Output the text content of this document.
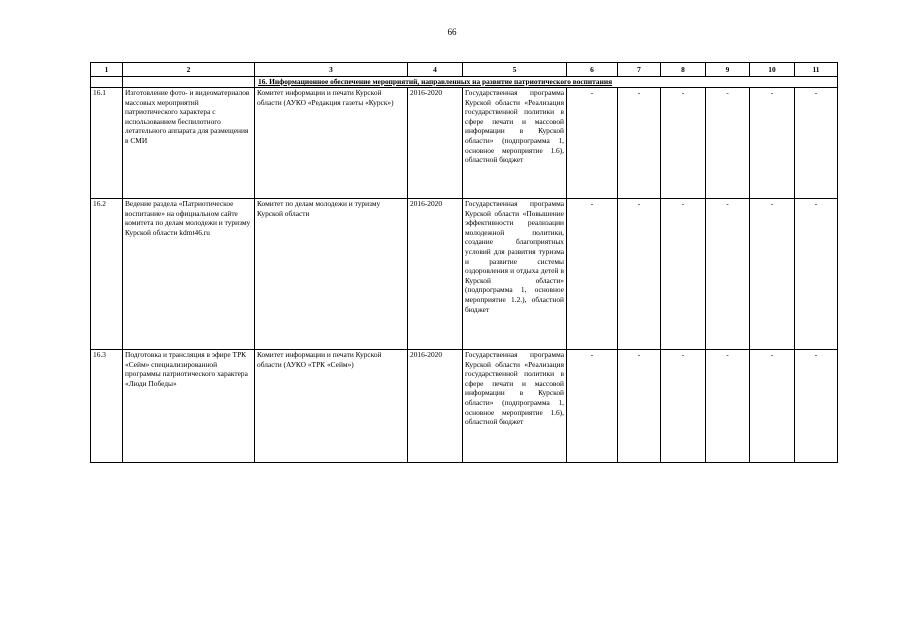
66
1	2	3	4	5	6	7	8	9	10	11
		16. Информационное обеспечение мероприятий, направленных на развитие патриотического воспитания								
16.1	Изготовление фото- и видеоматериалов массовых мероприятий патриотического характера с использованием беспилотного летательного аппарата для размещения в СМИ	Комитет информации и печати Курской области (АУКО «Редакция газеты «Курск»)	2016-2020	Государственная программа Курской области «Реализация государственной политики в сфере печати и массовой информации в Курской области» (подпрограмма 1, основное мероприятие 1.6), областной бюджет	-	-	-	-	-	-
16.2	Ведение раздела «Патриотическое воспитание» на официальном сайте комитета по делам молодежи и туризму Курской области kdmt46.ru	Комитет по делам молодежи и туризму Курской области	2016-2020	Государственная программа Курской области «Повышение эффективности реализации молодежной политики, создание благоприятных условий для развития туризма и развитие системы оздоровления и отдыха детей в Курской области» (подпрограмма 1, основное мероприятие 1.2.), областной бюджет	-	-	-	-	-	-
16.3	Подготовка и трансляция в эфире ТРК «Сейм» специализированной программы патриотического характера «Люди Победы»	Комитет информации и печати Курской области (АУКО «ТРК «Сейм»)	2016-2020	Государственная программа Курской области «Реализация государственной политики в сфере печати и массовой информации в Курской области» (подпрограмма 1, основное мероприятие 1.6), областной бюджет	-	-	-	-	-	-
